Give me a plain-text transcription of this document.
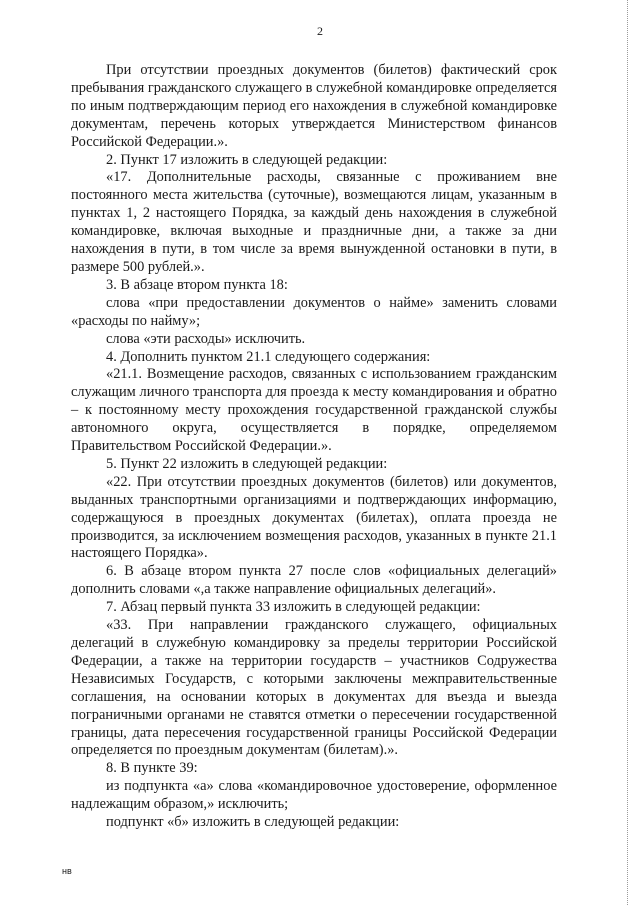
2

При отсутствии проездных документов (билетов) фактический срок пребывания гражданского служащего в служебной командировке определяется по иным подтверждающим период его нахождения в служебной командировке документам, перечень которых утверждается Министерством финансов Российской Федерации.».

2. Пункт 17 изложить в следующей редакции:

«17. Дополнительные расходы, связанные с проживанием вне постоянного места жительства (суточные), возмещаются лицам, указанным в пунктах 1, 2 настоящего Порядка, за каждый день нахождения в служебной командировке, включая выходные и праздничные дни, а также за дни нахождения в пути, в том числе за время вынужденной остановки в пути, в размере 500 рублей.».

3. В абзаце втором пункта 18:

слова «при предоставлении документов о найме» заменить словами «расходы по найму»;

слова «эти расходы» исключить.

4. Дополнить пунктом 21.1 следующего содержания:

«21.1. Возмещение расходов, связанных с использованием гражданским служащим личного транспорта для проезда к месту командирования и обратно – к постоянному месту прохождения государственной гражданской службы автономного округа, осуществляется в порядке, определяемом Правительством Российской Федерации.».

5. Пункт 22 изложить в следующей редакции:

«22. При отсутствии проездных документов (билетов) или документов, выданных транспортными организациями и подтверждающих информацию, содержащуюся в проездных документах (билетах), оплата проезда не производится, за исключением возмещения расходов, указанных в пункте 21.1 настоящего Порядка».

6. В абзаце втором пункта 27 после слов «официальных делегаций» дополнить словами «,а также направление официальных делегаций».

7. Абзац первый пункта 33 изложить в следующей редакции:

«33. При направлении гражданского служащего, официальных делегаций в служебную командировку за пределы территории Российской Федерации, а также на территории государств – участников Содружества Независимых Государств, с которыми заключены межправительственные соглашения, на основании которых в документах для въезда и выезда пограничными органами не ставятся отметки о пересечении государственной границы, дата пересечения государственной границы Российской Федерации определяется по проездным документам (билетам).».

8. В пункте 39:

из подпункта «а» слова «командировочное удостоверение, оформленное надлежащим образом,» исключить;

подпункт «б» изложить в следующей редакции:

нв
